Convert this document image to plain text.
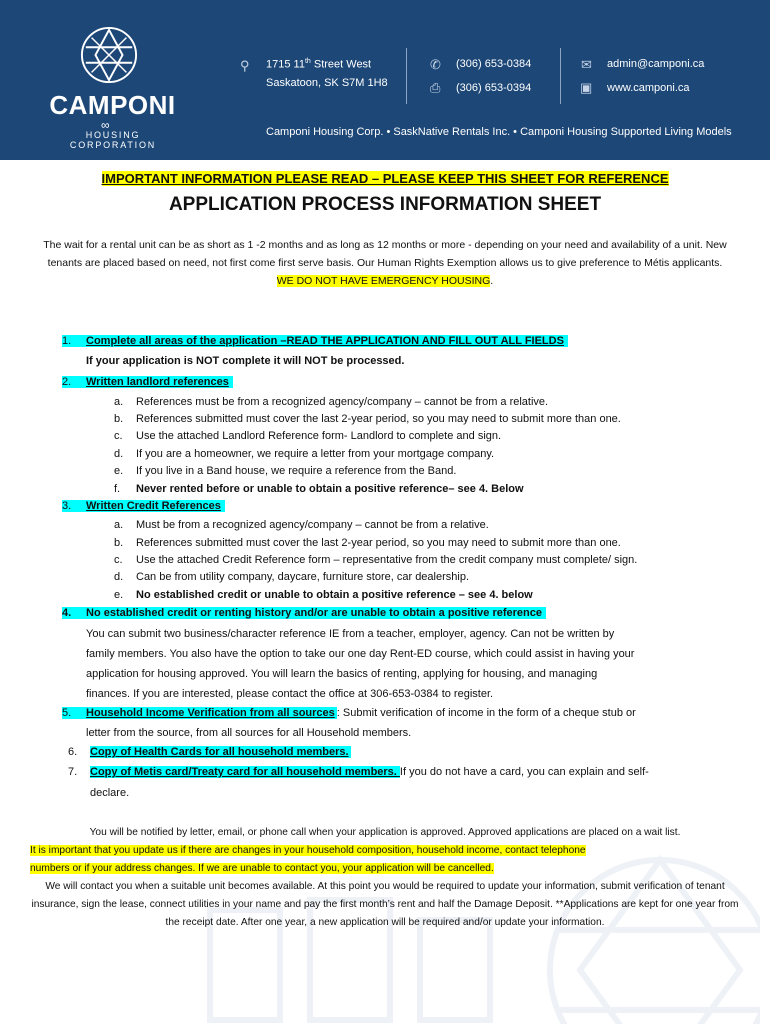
CAMPONI
∞
HOUSING CORPORATION
⚲ 1715 11th Street West
Saskatoon, SK S7M 1H8
✆ (306) 653-0384
⎙ (306) 653-0394
✉ admin@camponi.ca
▣ www.camponi.ca
Camponi Housing Corp. • SaskNative Rentals Inc. • Camponi Housing Supported Living Models
IMPORTANT INFORMATION PLEASE READ – PLEASE KEEP THIS SHEET FOR REFERENCE
APPLICATION PROCESS INFORMATION SHEET
The wait for a rental unit can be as short as 1 -2 months and as long as 12 months or more - depending on your need and availability of a unit. New tenants are placed based on need, not first come first serve basis. Our Human Rights Exemption allows us to give preference to Métis applicants. WE DO NOT HAVE EMERGENCY HOUSING.
1. Complete all areas of the application –READ THE APPLICATION AND FILL OUT ALL FIELDS
If your application is NOT complete it will NOT be processed.
2. Written landlord references
a. References must be from a recognized agency/company – cannot be from a relative.
b. References submitted must cover the last 2-year period, so you may need to submit more than one.
c. Use the attached Landlord Reference form- Landlord to complete and sign.
d. If you are a homeowner, we require a letter from your mortgage company.
e. If you live in a Band house, we require a reference from the Band.
f. Never rented before or unable to obtain a positive reference– see 4. Below
3. Written Credit References
a. Must be from a recognized agency/company – cannot be from a relative.
b. References submitted must cover the last 2-year period, so you may need to submit more than one.
c. Use the attached Credit Reference form – representative from the credit company must complete/ sign.
d. Can be from utility company, daycare, furniture store, car dealership.
e. No established credit or unable to obtain a positive reference – see 4. below
4. No established credit or renting history and/or are unable to obtain a positive reference
You can submit two business/character reference IE from a teacher, employer, agency. Can not be written by
family members. You also have the option to take our one day Rent-ED course, which could assist in having your
application for housing approved. You will learn the basics of renting, applying for housing, and managing
finances. If you are interested, please contact the office at 306-653-0384 to register.
5. Household Income Verification from all sources : Submit verification of income in the form of a cheque stub or
letter from the source, from all sources for all Household members.
6. Copy of Health Cards for all household members.
7. Copy of Metis card/Treaty card for all household members. If you do not have a card, you can explain and self-
declare.
You will be notified by letter, email, or phone call when your application is approved. Approved applications are placed on a wait list.
It is important that you update us if there are changes in your household composition, household income, contact telephone
numbers or if your address changes. If we are unable to contact you, your application will be cancelled.
We will contact you when a suitable unit becomes available. At this point you would be required to update your information, submit verification of tenant insurance, sign the lease, connect utilities in your name and pay the first month’s rent and half the Damage Deposit. **Applications are kept for one year from the receipt date. After one year, a new application will be required and/or update your information.
